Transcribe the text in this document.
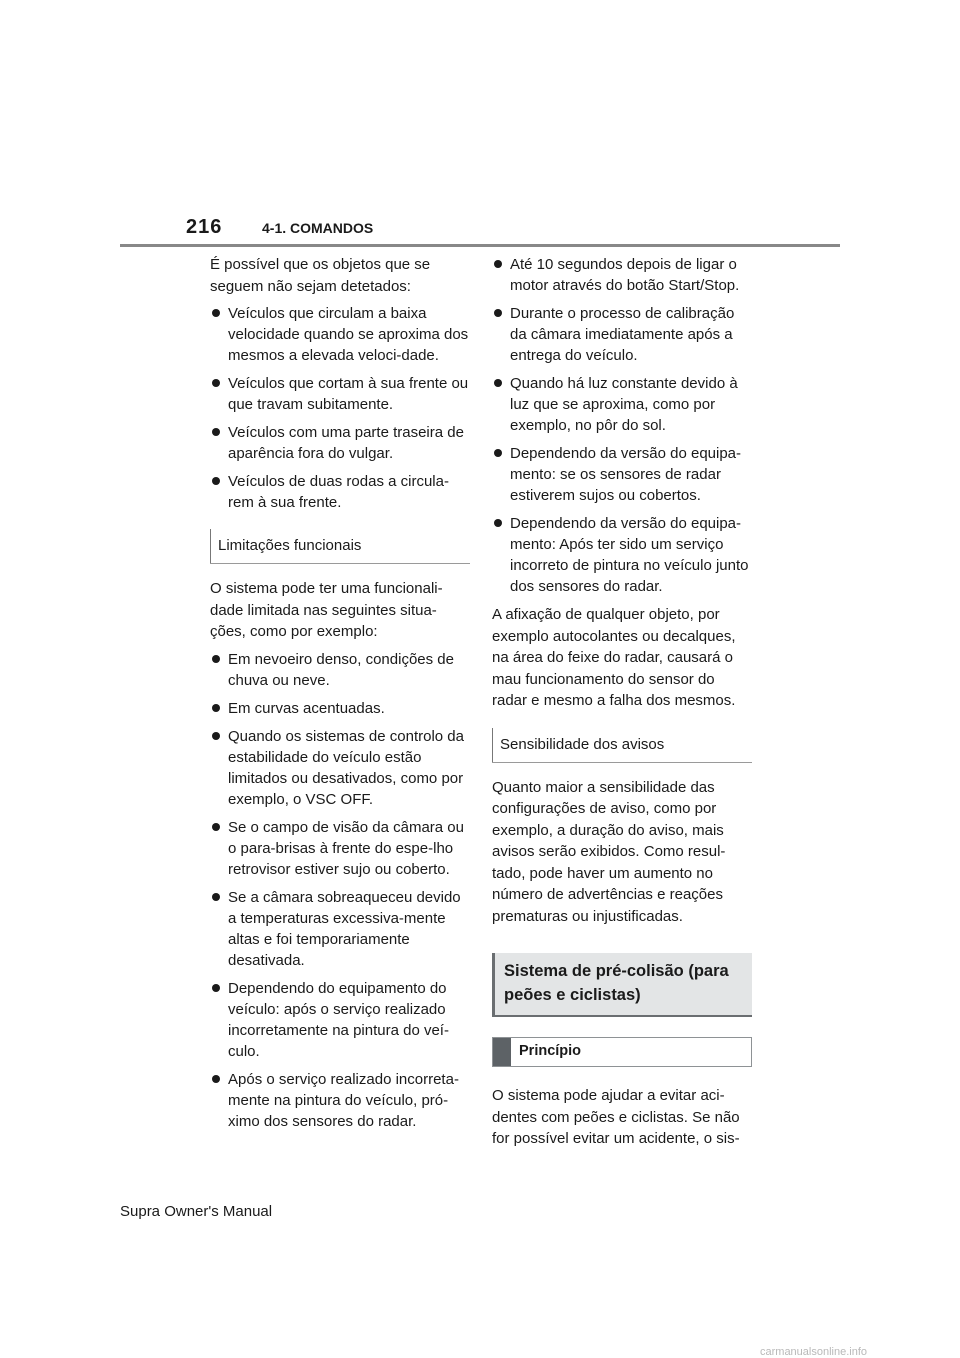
216	4-1. COMANDOS

É possível que os objetos que se seguem não sejam detetados:

Veículos que circulam a baixa velocidade quando se aproxima dos mesmos a elevada veloci-dade.
Veículos que cortam à sua frente ou que travam subitamente.
Veículos com uma parte traseira de aparência fora do vulgar.
Veículos de duas rodas a circula-rem à sua frente.
Limitações funcionais

O sistema pode ter uma funcionali-dade limitada nas seguintes situa-ções, como por exemplo:

Em nevoeiro denso, condições de chuva ou neve.
Em curvas acentuadas.
Quando os sistemas de controlo da estabilidade do veículo estão limitados ou desativados, como por exemplo, o VSC OFF.
Se o campo de visão da câmara ou o para-brisas à frente do espe-lho retrovisor estiver sujo ou coberto.
Se a câmara sobreaqueceu devido a temperaturas excessiva-mente altas e foi temporariamente desativada.
Dependendo do equipamento do veículo: após o serviço realizado incorretamente na pintura do veí-culo.
Após o serviço realizado incorreta-mente na pintura do veículo, pró-ximo dos sensores do radar.
Até 10 segundos depois de ligar o motor através do botão Start/Stop.
Durante o processo de calibração da câmara imediatamente após a entrega do veículo.
Quando há luz constante devido à luz que se aproxima, como por exemplo, no pôr do sol.
Dependendo da versão do equipa-mento: se os sensores de radar estiverem sujos ou cobertos.
Dependendo da versão do equipa-mento: Após ter sido um serviço incorreto de pintura no veículo junto dos sensores do radar.

A afixação de qualquer objeto, por exemplo autocolantes ou decalques, na área do feixe do radar, causará o mau funcionamento do sensor do radar e mesmo a falha dos mesmos.

Sensibilidade dos avisos

Quanto maior a sensibilidade das configurações de aviso, como por exemplo, a duração do aviso, mais avisos serão exibidos. Como resul-tado, pode haver um aumento no número de advertências e reações prematuras ou injustificadas.

Sistema de pré-colisão (para peões e ciclistas)
Princípio

O sistema pode ajudar a evitar aci-dentes com peões e ciclistas. Se não for possível evitar um acidente, o sis-

Supra Owner's Manual
carmanualsonline.info
